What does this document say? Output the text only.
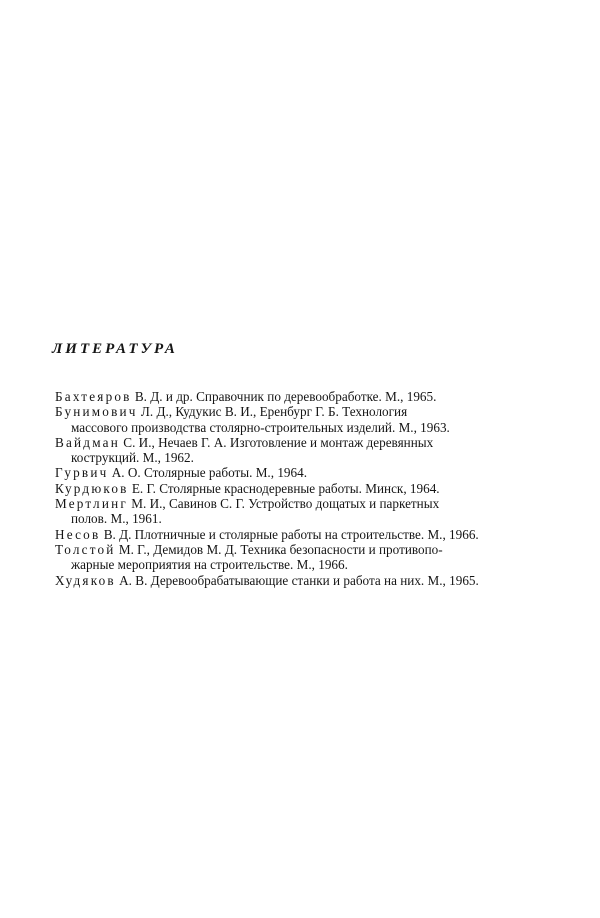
ЛИТЕРАТУРА
Бахтеяров В. Д. и др. Справочник по деревообработке. М., 1965.
Бунимович Л. Д., Кудукис В. И., Еренбург Г. Б. Технология
массового производства столярно-строительных изделий. М., 1963.
Вайдман С. И., Нечаев Г. А. Изготовление и монтаж деревянных
кострукций. М., 1962.
Гурвич А. О. Столярные работы. М., 1964.
Курдюков Е. Г. Столярные краснодеревные работы. Минск, 1964.
Мертлинг М. И., Савинов С. Г. Устройство дощатых и паркетных
полов. М., 1961.
Несов В. Д. Плотничные и столярные работы на строительстве. М., 1966.
Толстой М. Г., Демидов М. Д. Техника безопасности и противопо-
жарные мероприятия на строительстве. М., 1966.
Худяков А. В. Деревообрабатывающие станки и работа на них. М., 1965.
